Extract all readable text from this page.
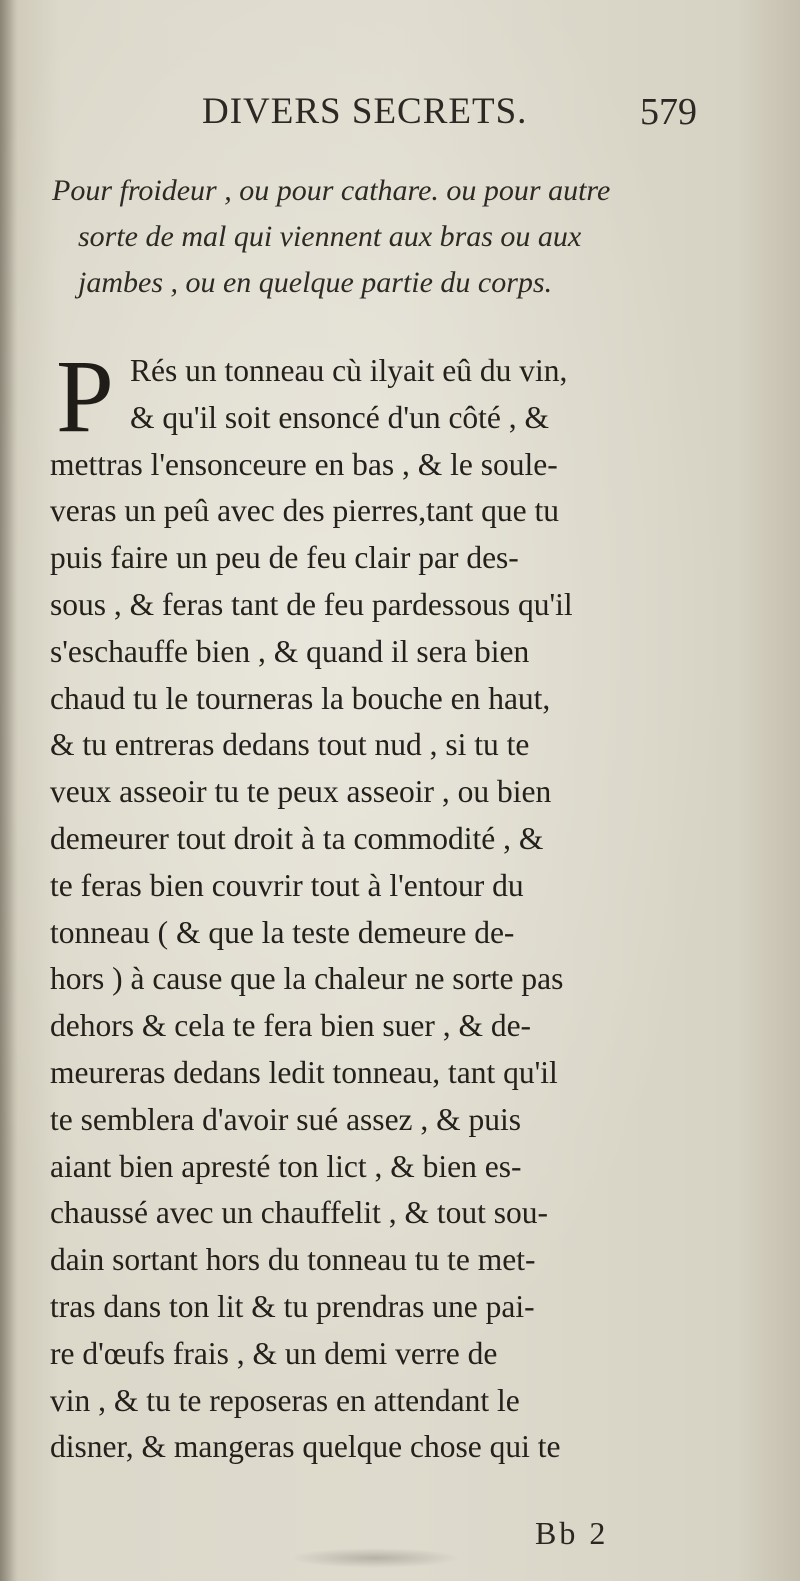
DIVERS SECRETS.	579
Pour froideur , ou pour cathare. ou pour autre
sorte de mal qui viennent aux bras ou aux
jambes , ou en quelque partie du corps.
P Rés un tonneau cù ilyait eû du vin,
& qu'il soit ensoncé d'un côté , &
mettras l'ensonceure en bas , & le soule-
veras un peû avec des pierres,tant que tu
puis faire un peu de feu clair par des-
sous , & feras tant de feu pardessous qu'il
s'eschauffe bien , & quand il sera bien
chaud tu le tourneras la bouche en haut,
& tu entreras dedans tout nud , si tu te
veux asseoir tu te peux asseoir , ou bien
demeurer tout droit à ta commodité , &
te feras bien couvrir tout à l'entour du
tonneau ( & que la teste demeure de-
hors ) à cause que la chaleur ne sorte pas
dehors & cela te fera bien suer , & de-
meureras dedans ledit tonneau, tant qu'il
te semblera d'avoir sué assez , & puis
aiant bien apresté ton lict , & bien es-
chaussé avec un chauffelit , & tout sou-
dain sortant hors du tonneau tu te met-
tras dans ton lit & tu prendras une pai-
re d'œufs frais , & un demi verre de
vin , & tu te reposeras en attendant le
disner, & mangeras quelque chose qui te
Bb 2
